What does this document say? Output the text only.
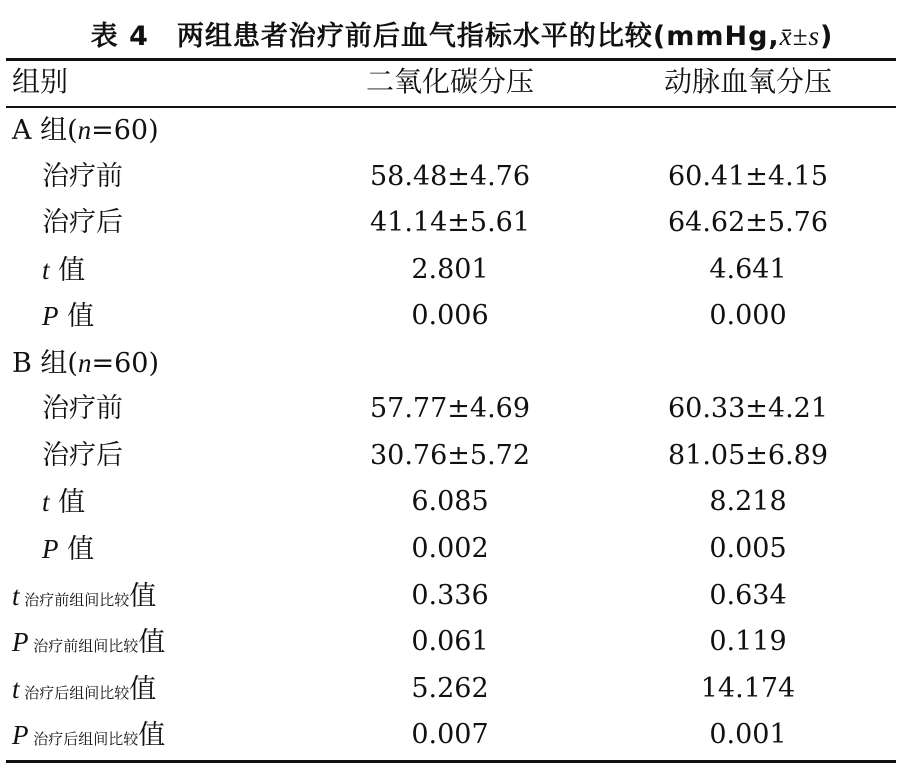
表 4 两组患者治疗前后血气指标水平的比较(mmHg,x̄±s)
组别	二氧化碳分压	动脉血氧分压
A 组(n=60)
治疗前	58.48±4.76	60.41±4.15
治疗后	41.14±5.61	64.62±5.76
t 值	2.801	4.641
P 值	0.006	0.000
B 组(n=60)
治疗前	57.77±4.69	60.33±4.21
治疗后	30.76±5.72	81.05±6.89
t 值	6.085	8.218
P 值	0.002	0.005
t 治疗前组间比较值	0.336	0.634
P 治疗前组间比较值	0.061	0.119
t 治疗后组间比较值	5.262	14.174
P 治疗后组间比较值	0.007	0.001
